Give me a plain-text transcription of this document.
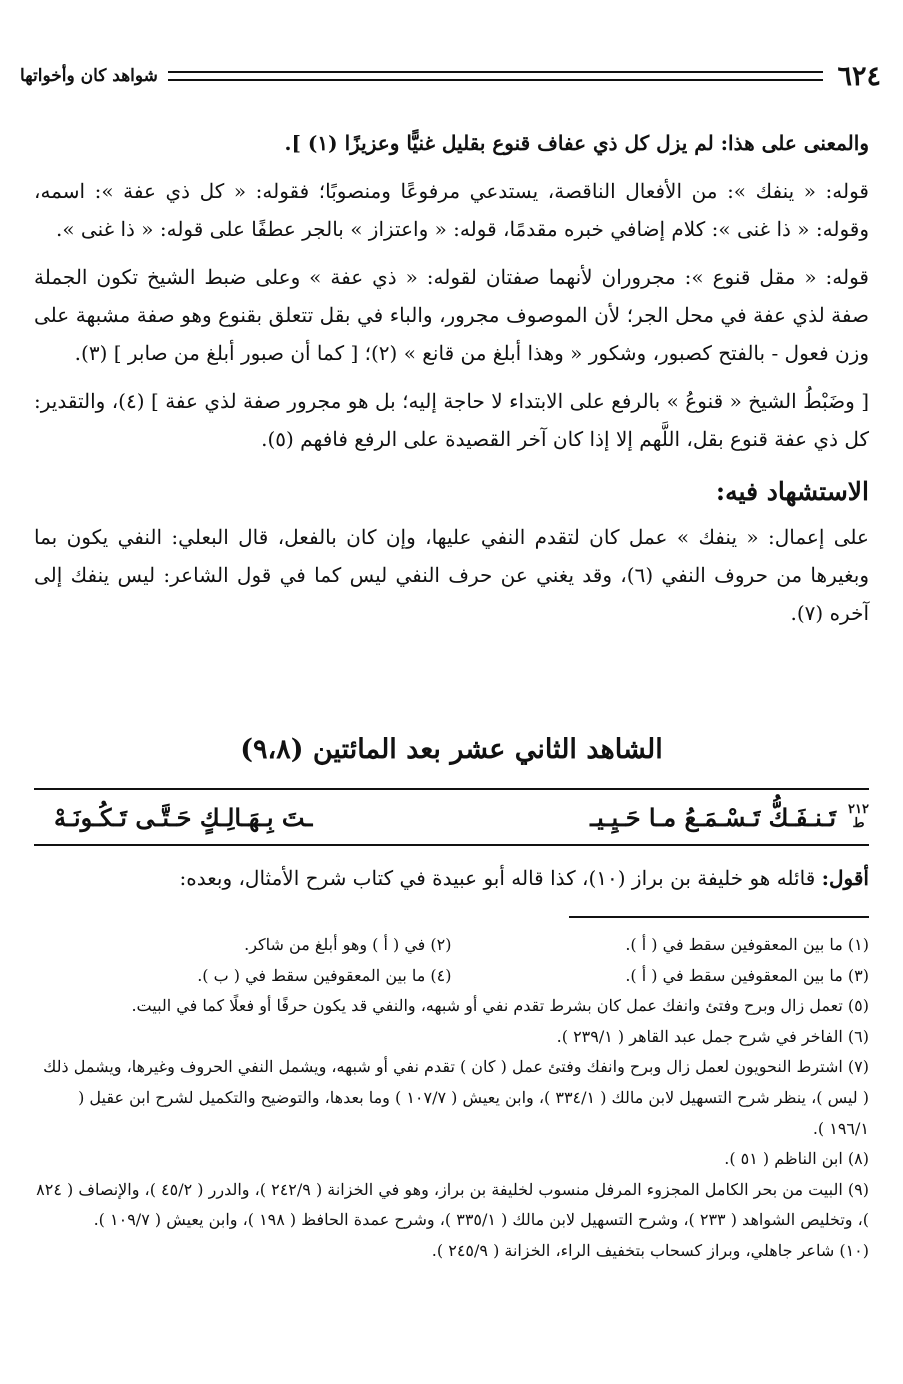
٦٢٤
شواهد كان وأخواتها

والمعنى على هذا: لم يزل كل ذي عفاف قنوع بقليل غنيًّا وعزيزًا (١) ].

قوله: « ينفك »: من الأفعال الناقصة، يستدعي مرفوعًا ومنصوبًا؛ فقوله: « كل ذي عفة »: اسمه، وقوله: « ذا غنى »: كلام إضافي خبره مقدمًا، قوله: « واعتزاز » بالجر عطفًا على قوله: « ذا غنى ».

قوله: « مقل قنوع »: مجروران لأنهما صفتان لقوله: « ذي عفة » وعلى ضبط الشيخ تكون الجملة صفة لذي عفة في محل الجر؛ لأن الموصوف مجرور، والباء في بقل تتعلق بقنوع وهو صفة مشبهة على وزن فعول - بالفتح كصبور، وشكور « وهذا أبلغ من قانع » (٢)؛ [ كما أن صبور أبلغ من صابر ] (٣).

[ وضَبْطُ الشيخ « قنوعُ » بالرفع على الابتداء لا حاجة إليه؛ بل هو مجرور صفة لذي عفة ] (٤)، والتقدير: كل ذي عفة قنوع بقل، اللَّهم إلا إذا كان آخر القصيدة على الرفع فافهم (٥).

الاستشهاد فيه:

على إعمال: « ينفك » عمل كان لتقدم النفي عليها، وإن كان بالفعل، قال البعلي: النفي يكون بما وبغيرها من حروف النفي (٦)، وقد يغني عن حرف النفي ليس كما في قول الشاعر: ليس ينفك إلى آخره (٧).

الشاهد الثاني عشر بعد المائتين (٩،٨)
٢١٢
ط
تَـنـفَـكُّ تَـسْـمَـعُ مـا حَـيِـيـ
ـتَ بِـهَـالِـكٍ حَـتَّـى تَـكُـونَـهْ
أقول: قائله هو خليفة بن براز (١٠)، كذا قاله أبو عبيدة في كتاب شرح الأمثال، وبعده:
(١) ما بين المعقوفين سقط في ( أ ).
(٢) في ( أ ) وهو أبلغ من شاكر.
(٣) ما بين المعقوفين سقط في ( أ ).
(٤) ما بين المعقوفين سقط في ( ب ).

(٥) تعمل زال وبرح وفتئ وانفك عمل كان بشرط تقدم نفي أو شبهه، والنفي قد يكون حرفًا أو فعلًا كما في البيت.

(٦) الفاخر في شرح جمل عبد القاهر ( ٢٣٩/١ ).

(٧) اشترط النحويون لعمل زال وبرح وانفك وفتئ عمل ( كان ) تقدم نفي أو شبهه، ويشمل النفي الحروف وغيرها، ويشمل ذلك ( ليس )، ينظر شرح التسهيل لابن مالك ( ٣٣٤/١ )، وابن يعيش ( ١٠٧/٧ ) وما بعدها، والتوضيح والتكميل لشرح ابن عقيل ( ١٩٦/١ ).

(٨) ابن الناظم ( ٥١ ).

(٩) البيت من بحر الكامل المجزوء المرفل منسوب لخليفة بن براز، وهو في الخزانة ( ٢٤٢/٩ )، والدرر ( ٤٥/٢ )، والإنصاف ( ٨٢٤ )، وتخليص الشواهد ( ٢٣٣ )، وشرح التسهيل لابن مالك ( ٣٣٥/١ )، وشرح عمدة الحافظ ( ١٩٨ )، وابن يعيش ( ١٠٩/٧ ).

(١٠) شاعر جاهلي، وبراز كسحاب بتخفيف الراء، الخزانة ( ٢٤٥/٩ ).
